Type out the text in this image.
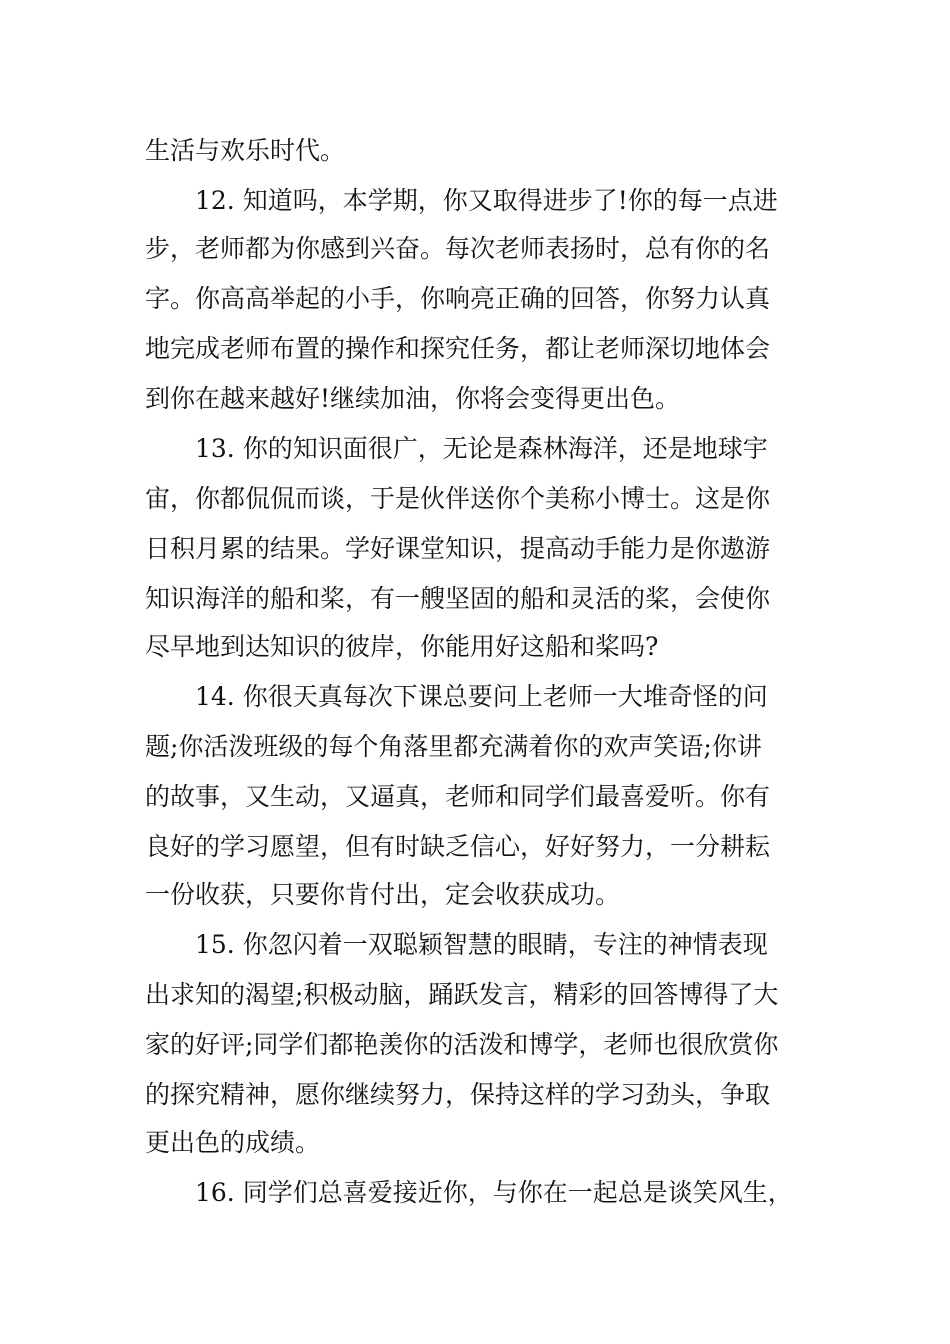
生活与欢乐时代。
12. 知道吗，本学期，你又取得进步了!你的每一点进
步，老师都为你感到兴奋。每次老师表扬时，总有你的名
字。你高高举起的小手，你响亮正确的回答，你努力认真
地完成老师布置的操作和探究任务，都让老师深切地体会
到你在越来越好!继续加油，你将会变得更出色。
13. 你的知识面很广，无论是森林海洋，还是地球宇
宙，你都侃侃而谈，于是伙伴送你个美称小博士。这是你
日积月累的结果。学好课堂知识，提高动手能力是你遨游
知识海洋的船和桨，有一艘坚固的船和灵活的桨，会使你
尽早地到达知识的彼岸，你能用好这船和桨吗?
14. 你很天真每次下课总要问上老师一大堆奇怪的问
题;你活泼班级的每个角落里都充满着你的欢声笑语;你讲
的故事，又生动，又逼真，老师和同学们最喜爱听。你有
良好的学习愿望，但有时缺乏信心，好好努力，一分耕耘
一份收获，只要你肯付出，定会收获成功。
15. 你忽闪着一双聪颖智慧的眼睛，专注的神情表现
出求知的渴望;积极动脑，踊跃发言，精彩的回答博得了大
家的好评;同学们都艳羡你的活泼和博学，老师也很欣赏你
的探究精神，愿你继续努力，保持这样的学习劲头，争取
更出色的成绩。
16. 同学们总喜爱接近你，与你在一起总是谈笑风生，
